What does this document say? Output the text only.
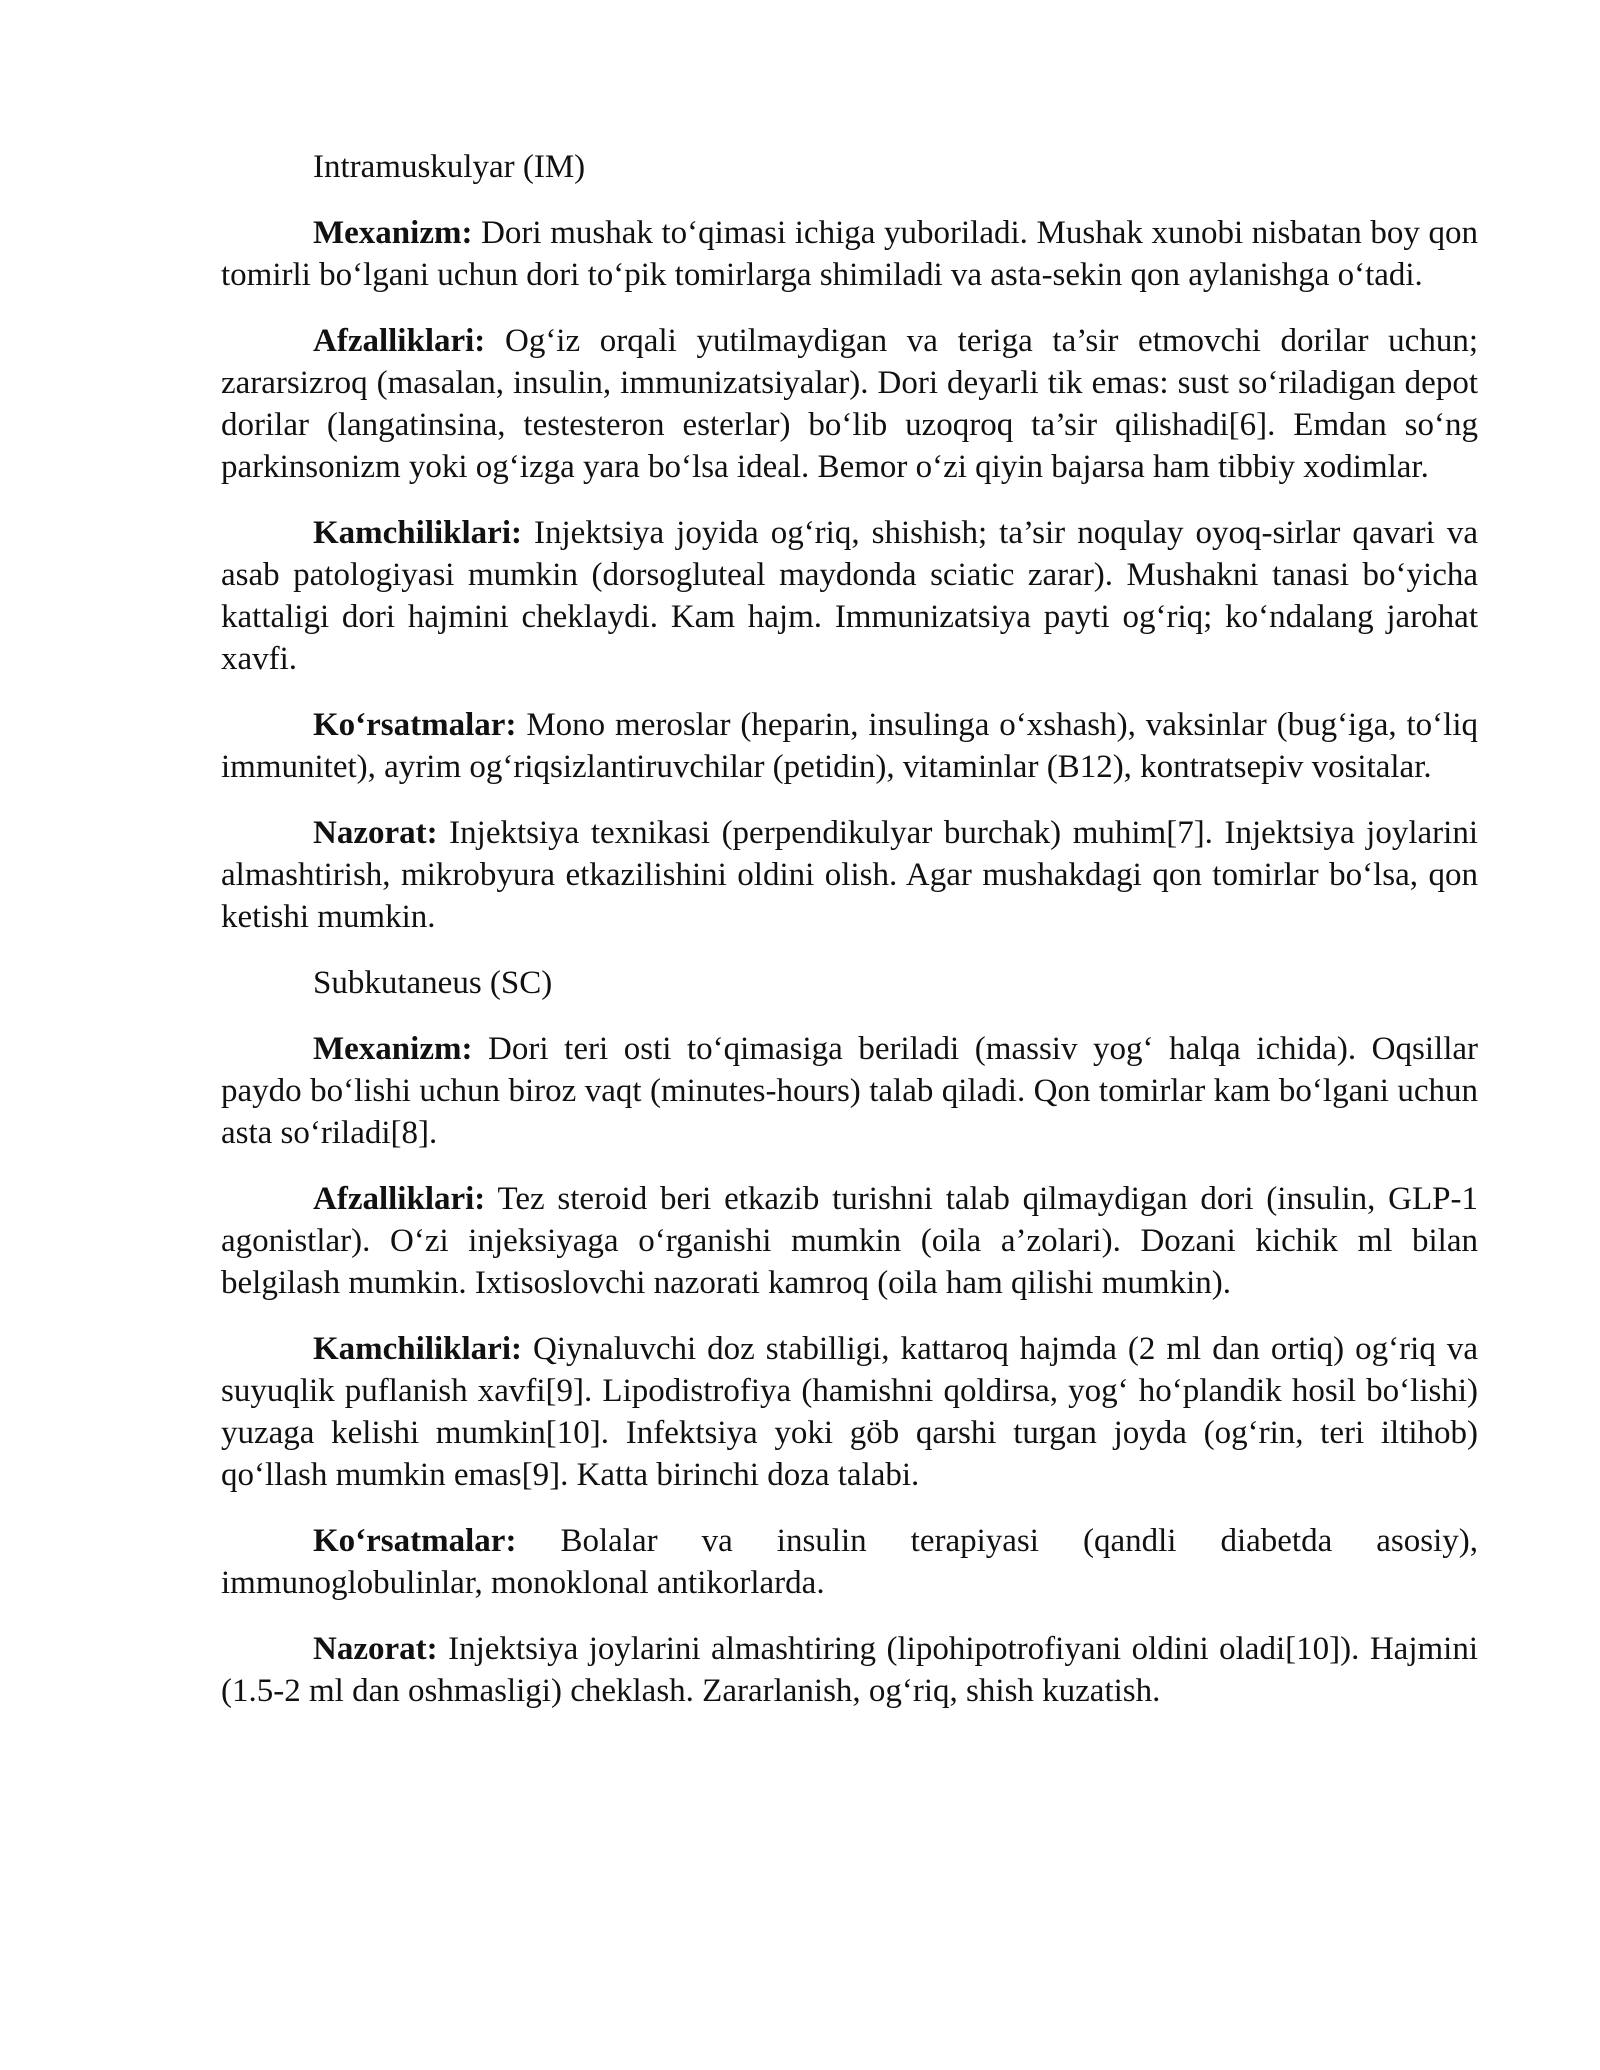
Intramuskulyar (IM)

Mexanizm: Dori mushak to‘qimasi ichiga yuboriladi. Mushak xunobi nisbatan boy qon tomirli bo‘lgani uchun dori to‘pik tomirlarga shimiladi va asta-sekin qon aylanishga o‘tadi.

Afzalliklari: Og‘iz orqali yutilmaydigan va teriga ta’sir etmovchi dorilar uchun; zararsizroq (masalan, insulin, immunizatsiyalar). Dori deyarli tik emas: sust so‘riladigan depot dorilar (langatinsina, testesteron esterlar) bo‘lib uzoqroq ta’sir qilishadi[6]. Emdan so‘ng parkinsonizm yoki og‘izga yara bo‘lsa ideal. Bemor o‘zi qiyin bajarsa ham tibbiy xodimlar.

Kamchiliklari: Injektsiya joyida og‘riq, shishish; ta’sir noqulay oyoq-sirlar qavari va asab patologiyasi mumkin (dorsogluteal maydonda sciatic zarar). Mushakni tanasi bo‘yicha kattaligi dori hajmini cheklaydi. Kam hajm. Immunizatsiya payti og‘riq; ko‘ndalang jarohat xavfi.

Ko‘rsatmalar: Mono meroslar (heparin, insulinga o‘xshash), vaksinlar (bug‘iga, to‘liq immunitet), ayrim og‘riqsizlantiruvchilar (petidin), vitaminlar (B12), kontratsepiv vositalar.

Nazorat: Injektsiya texnikasi (perpendikulyar burchak) muhim[7]. Injektsiya joylarini almashtirish, mikrobyura etkazilishini oldini olish. Agar mushakdagi qon tomirlar bo‘lsa, qon ketishi mumkin.

Subkutaneus (SC)

Mexanizm: Dori teri osti to‘qimasiga beriladi (massiv yog‘ halqa ichida). Oqsillar paydo bo‘lishi uchun biroz vaqt (minutes-hours) talab qiladi. Qon tomirlar kam bo‘lgani uchun asta so‘riladi[8].

Afzalliklari: Tez steroid beri etkazib turishni talab qilmaydigan dori (insulin, GLP-1 agonistlar). O‘zi injeksiyaga o‘rganishi mumkin (oila a’zolari). Dozani kichik ml bilan belgilash mumkin. Ixtisoslovchi nazorati kamroq (oila ham qilishi mumkin).

Kamchiliklari: Qiynaluvchi doz stabilligi, kattaroq hajmda (2 ml dan ortiq) og‘riq va suyuqlik puflanish xavfi[9]. Lipodistrofiya (hamishni qoldirsa, yog‘ ho‘plandik hosil bo‘lishi) yuzaga kelishi mumkin[10]. Infektsiya yoki göb qarshi turgan joyda (og‘rin, teri iltihob) qo‘llash mumkin emas[9]. Katta birinchi doza talabi.

Ko‘rsatmalar: Bolalar va insulin terapiyasi (qandli diabetda asosiy), immunoglobulinlar, monoklonal antikorlarda.

Nazorat: Injektsiya joylarini almashtiring (lipohipotrofiyani oldini oladi[10]). Hajmini (1.5-2 ml dan oshmasligi) cheklash. Zararlanish, og‘riq, shish kuzatish.
